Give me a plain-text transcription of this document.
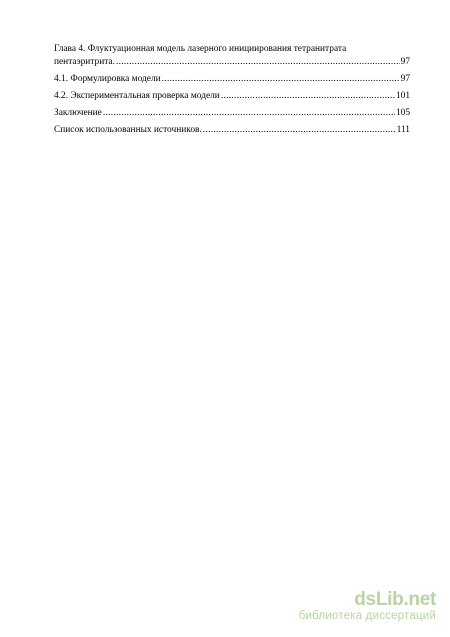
Глава 4. Флуктуационная модель лазерного инициирования тетранитрата
пентаэритрита. .....	97
4.1. Формулировка модели .....	97
4.2. Экспериментальная проверка модели .....	101
Заключение .....	105
Список использованных источников. .....	111
dsLib.net
библиотека диссертаций
